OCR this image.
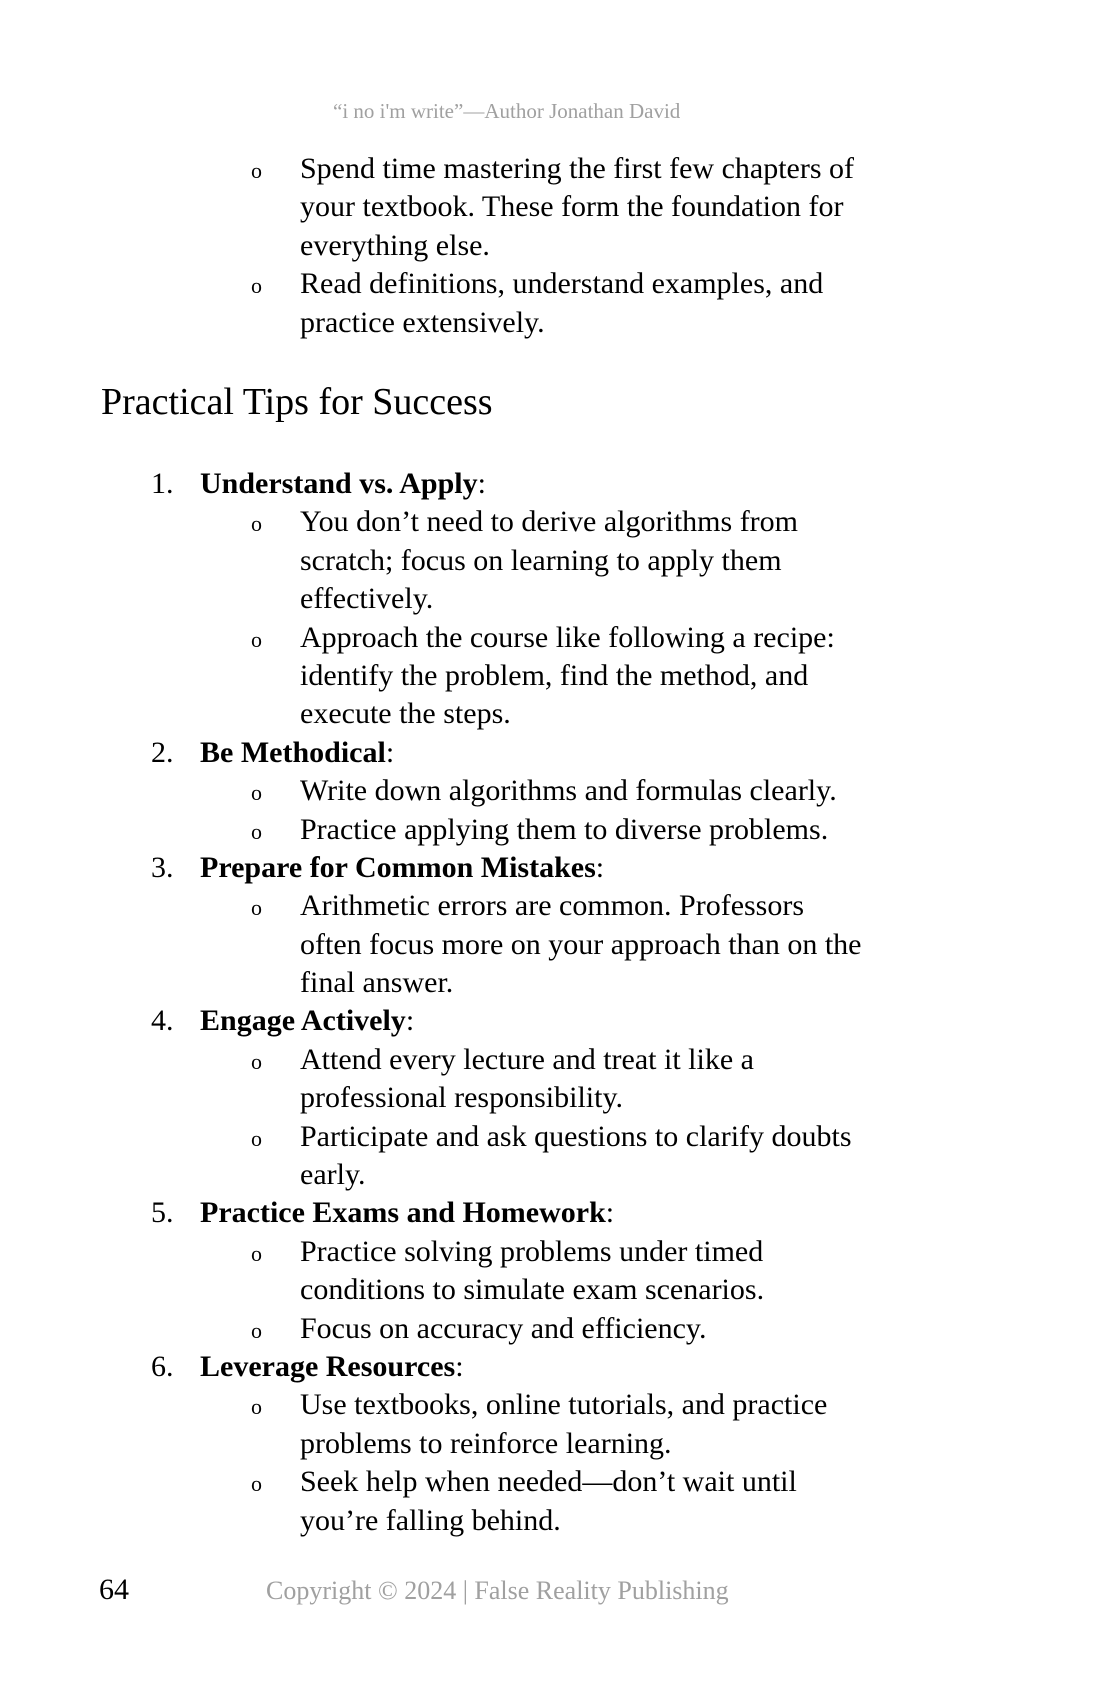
“i no i'm write”—Author Jonathan David
o Spend time mastering the first few chapters of
your textbook. These form the foundation for
everything else.
o Read definitions, understand examples, and
practice extensively.
Practical Tips for Success
1. Understand vs. Apply:
o You don’t need to derive algorithms from
scratch; focus on learning to apply them
effectively.
o Approach the course like following a recipe:
identify the problem, find the method, and
execute the steps.
2. Be Methodical:
o Write down algorithms and formulas clearly.
o Practice applying them to diverse problems.
3. Prepare for Common Mistakes:
o Arithmetic errors are common. Professors
often focus more on your approach than on the
final answer.
4. Engage Actively:
o Attend every lecture and treat it like a
professional responsibility.
o Participate and ask questions to clarify doubts
early.
5. Practice Exams and Homework:
o Practice solving problems under timed
conditions to simulate exam scenarios.
o Focus on accuracy and efficiency.
6. Leverage Resources:
o Use textbooks, online tutorials, and practice
problems to reinforce learning.
o Seek help when needed—don’t wait until
you’re falling behind.
64	Copyright © 2024 | False Reality Publishing
